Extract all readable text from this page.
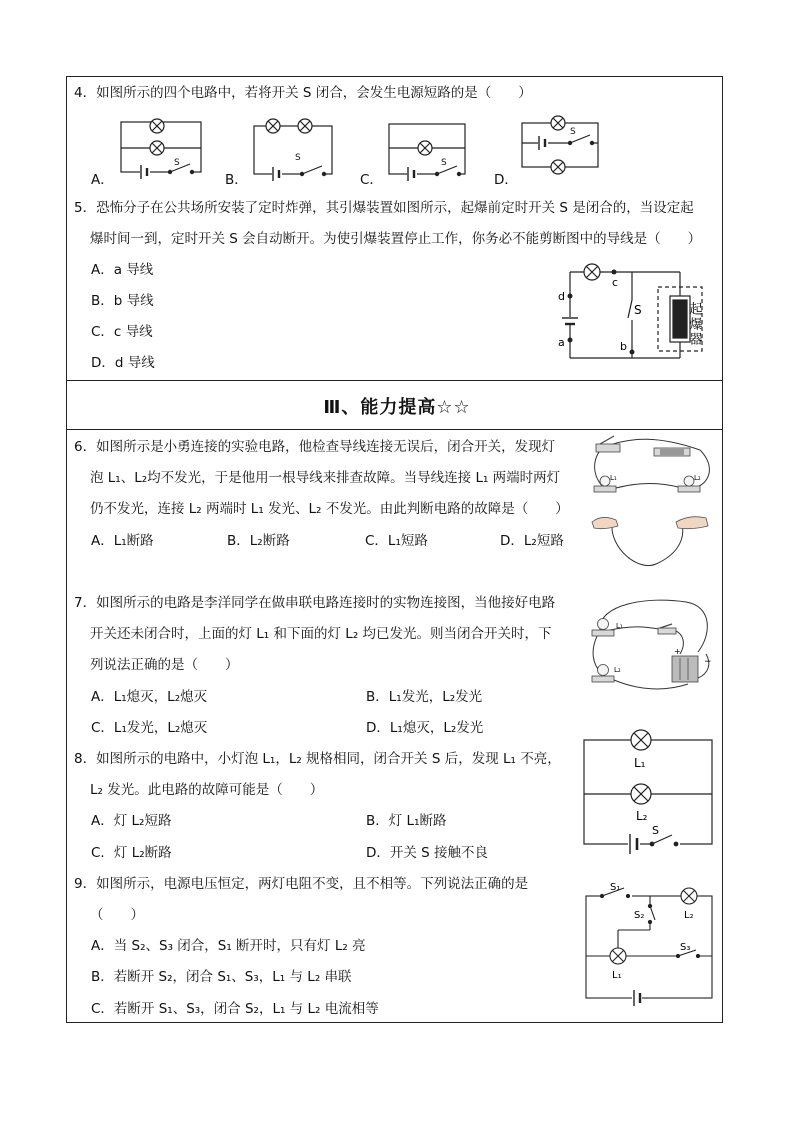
4．如图所示的四个电路中，若将开关 S 闭合，会发生电源短路的是（　　）
S
A．
S
B．
S
C．
S
D．
5．恐怖分子在公共场所安装了定时炸弹，其引爆装置如图所示，起爆前定时开关 S 是闭合的，当设定起
爆时间一到，定时开关 S 会自动断开。为使引爆装置停止工作，你务必不能剪断图中的导线是（　　）
A．a 导线
B．b 导线
C．c 导线
D．d 导线
d
a
c
b
S	起爆器
Ⅲ、能力提高☆☆
6．如图所示是小勇连接的实验电路，他检查导线连接无误后，闭合开关，发现灯
泡 L₁、L₂均不发光，于是他用一根导线来排查故障。当导线连接 L₁ 两端时两灯
仍不发光，连接 L₂ 两端时 L₁ 发光、L₂ 不发光。由此判断电路的故障是（　　）
A．L₁断路	B．L₂断路	C．L₁短路	D．L₂短路
L₁	L₂
7．如图所示的电路是李洋同学在做串联电路连接时的实物连接图，当他接好电路
开关还未闭合时，上面的灯 L₁ 和下面的灯 L₂ 均已发光。则当闭合开关时，下
列说法正确的是（　　）
A．L₁熄灭，L₂熄灭	B．L₁发光，L₂发光
C．L₁发光，L₂熄灭	D．L₁熄灭，L₂发光
L₁
L₂
+
−
8．如图所示的电路中，小灯泡 L₁，L₂ 规格相同，闭合开关 S 后，发现 L₁ 不亮，
L₂ 发光。此电路的故障可能是（　　）
A．灯 L₂短路	B．灯 L₁断路
C．灯 L₂断路	D．开关 S 接触不良
L₁
L₂
S
9．如图所示，电源电压恒定，两灯电阻不变，且不相等。下列说法正确的是
（　　）
A．当 S₂、S₃ 闭合，S₁ 断开时，只有灯 L₂ 亮
B．若断开 S₂，闭合 S₁、S₃，L₁ 与 L₂ 串联
C．若断开 S₁、S₃，闭合 S₂，L₁ 与 L₂ 电流相等
S₁
S₂	L₂
S₃
L₁
